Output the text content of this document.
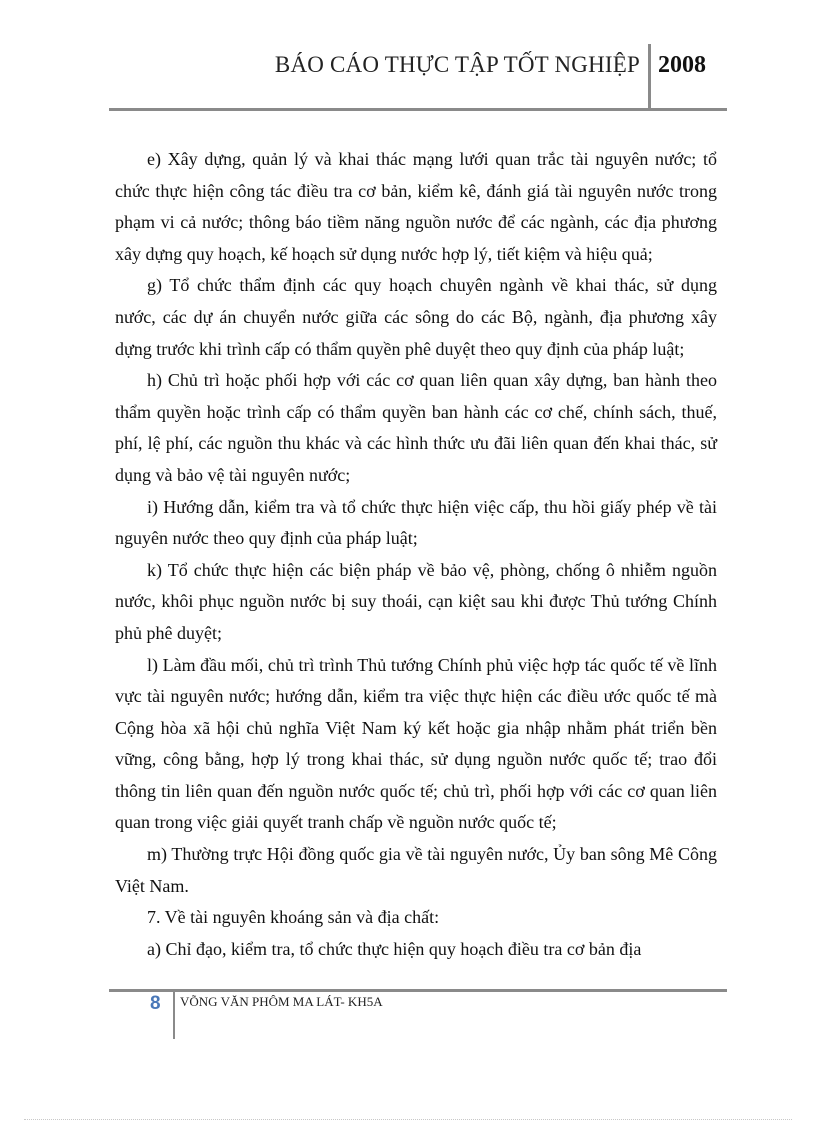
BÁO CÁO THỰC TẬP TỐT NGHIỆP 2008

e) Xây dựng, quản lý và khai thác mạng lưới quan trắc tài nguyên nước; tổ chức thực hiện công tác điều tra cơ bản, kiểm kê, đánh giá tài nguyên nước trong phạm vi cả nước; thông báo tiềm năng nguồn nước để các ngành, các địa phương xây dựng quy hoạch, kế hoạch sử dụng nước hợp lý, tiết kiệm và hiệu quả;

g) Tổ chức thẩm định các quy hoạch chuyên ngành về khai thác, sử dụng nước, các dự án chuyển nước giữa các sông do các Bộ, ngành, địa phương xây dựng trước khi trình cấp có thẩm quyền phê duyệt theo quy định của pháp luật;

h) Chủ trì hoặc phối hợp với các cơ quan liên quan xây dựng, ban hành theo thẩm quyền hoặc trình cấp có thẩm quyền ban hành các cơ chế, chính sách, thuế, phí, lệ phí, các nguồn thu khác và các hình thức ưu đãi liên quan đến khai thác, sử dụng và bảo vệ tài nguyên nước;

i) Hướng dẫn, kiểm tra và tổ chức thực hiện việc cấp, thu hồi giấy phép về tài nguyên nước theo quy định của pháp luật;

k) Tổ chức thực hiện các biện pháp về bảo vệ, phòng, chống ô nhiễm nguồn nước, khôi phục nguồn nước bị suy thoái, cạn kiệt sau khi được Thủ tướng Chính phủ phê duyệt;

l) Làm đầu mối, chủ trì trình Thủ tướng Chính phủ việc hợp tác quốc tế về lĩnh vực tài nguyên nước; hướng dẫn, kiểm tra việc thực hiện các điều ước quốc tế mà Cộng hòa xã hội chủ nghĩa Việt Nam ký kết hoặc gia nhập nhằm phát triển bền vững, công bằng, hợp lý trong khai thác, sử dụng nguồn nước quốc tế; trao đổi thông tin liên quan đến nguồn nước quốc tế; chủ trì, phối hợp với các cơ quan liên quan trong việc giải quyết tranh chấp về nguồn nước quốc tế;

m) Thường trực Hội đồng quốc gia về tài nguyên nước, Ủy ban sông Mê Công Việt Nam.

7. Về tài nguyên khoáng sản và địa chất:

a) Chỉ đạo, kiểm tra, tổ chức thực hiện quy hoạch điều tra cơ bản địa

8 VÕNG VĂN PHÔM MA LÁT- KH5A
